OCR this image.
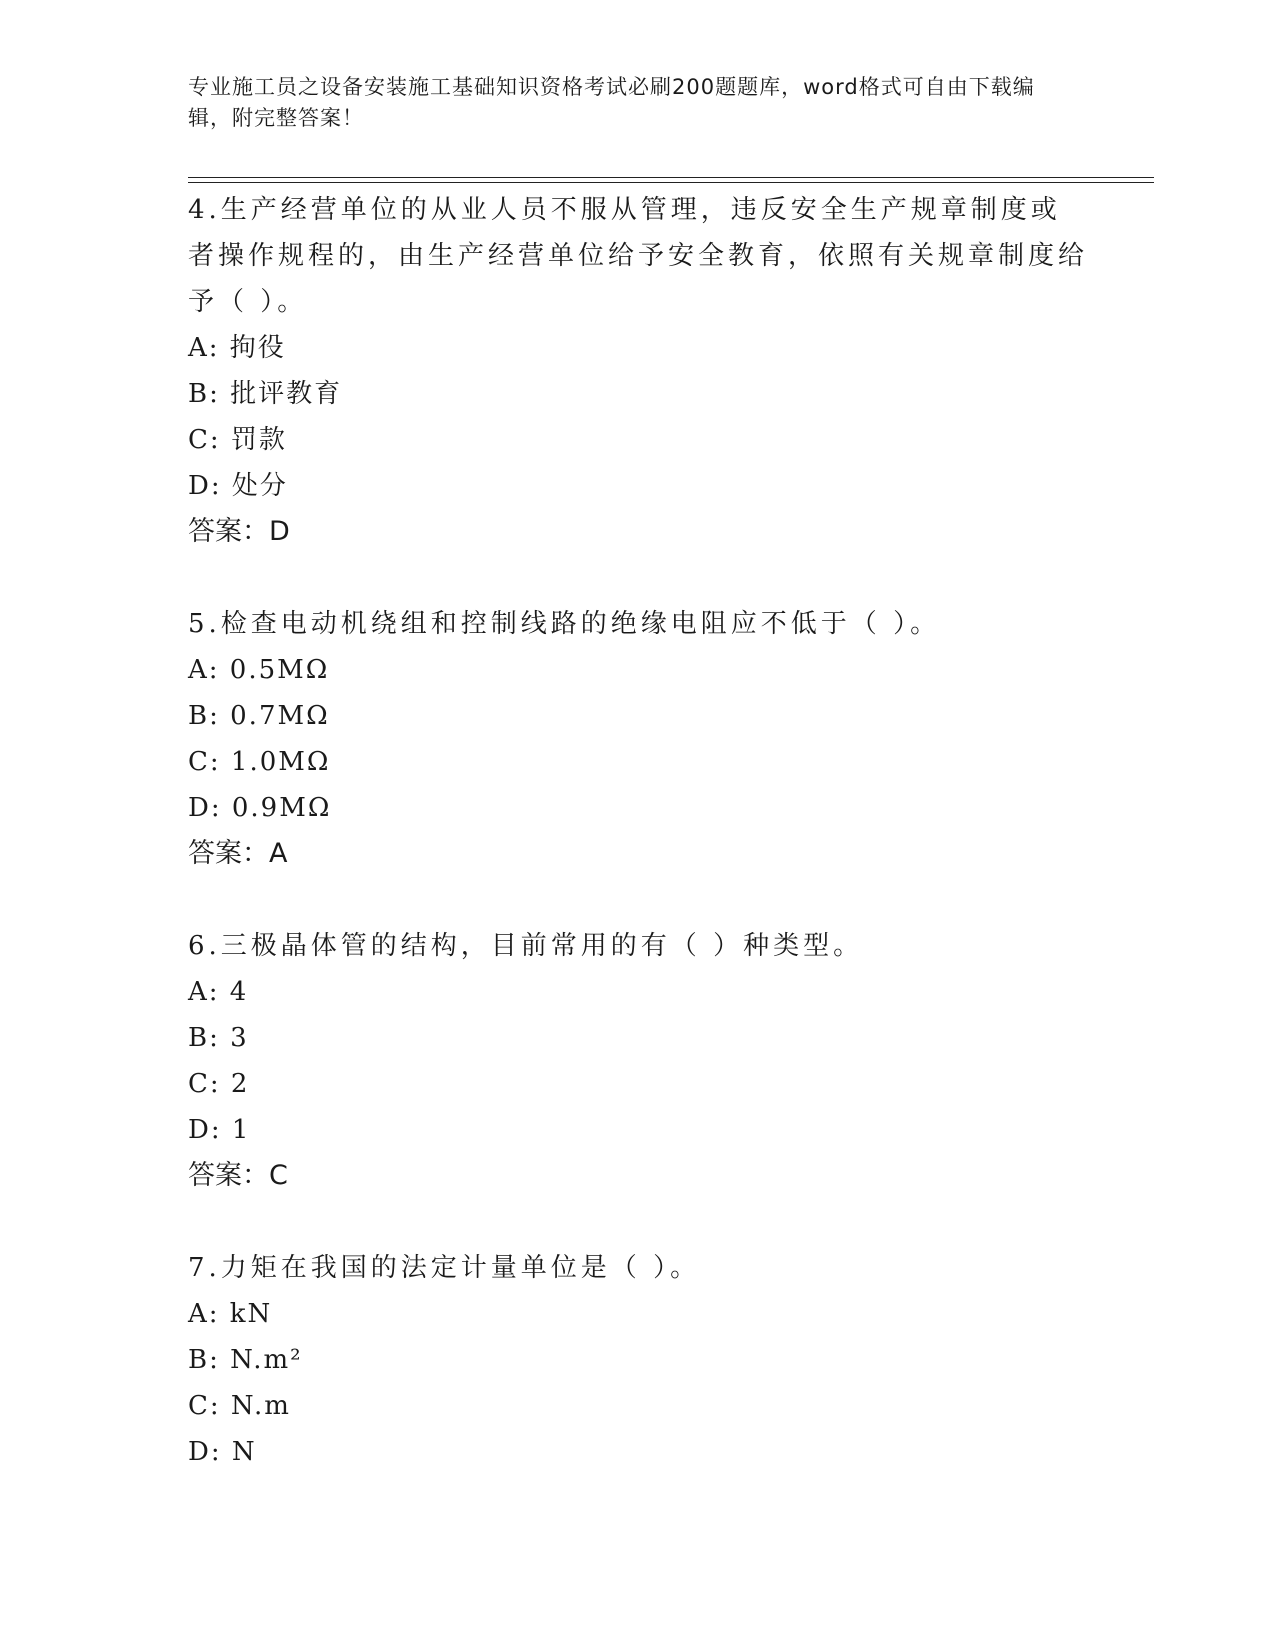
专业施工员之设备安装施工基础知识资格考试必刷200题题库，word格式可自由下载编辑，附完整答案！

4.生产经营单位的从业人员不服从管理，违反安全生产规章制度或者操作规程的，由生产经营单位给予安全教育，依照有关规章制度给予（ ）。

A: 拘役

B: 批评教育

C: 罚款

D: 处分

答案：D

5.检查电动机绕组和控制线路的绝缘电阻应不低于（ ）。

A: 0.5MΩ

B: 0.7MΩ

C: 1.0MΩ

D: 0.9MΩ

答案：A

6.三极晶体管的结构，目前常用的有（ ）种类型。

A: 4

B: 3

C: 2

D: 1

答案：C

7.力矩在我国的法定计量单位是（ ）。

A: kN

B: N.m²

C: N.m

D: N
